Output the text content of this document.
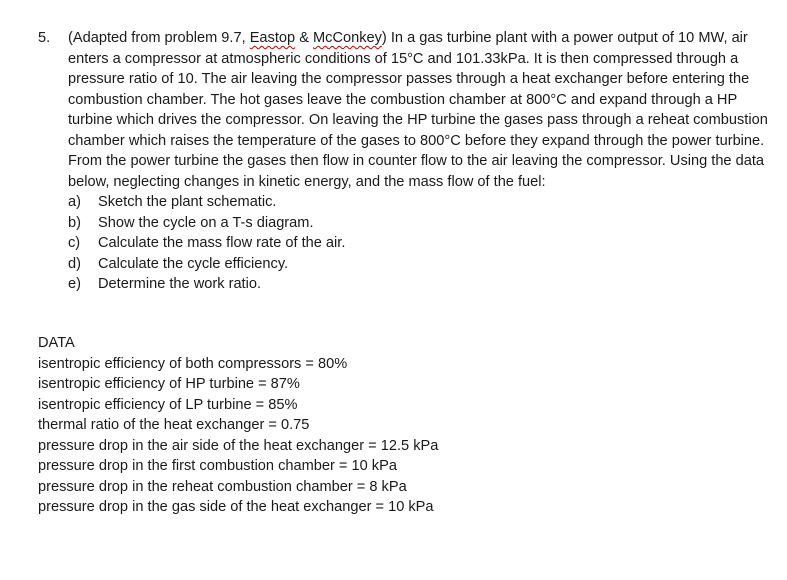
5. (Adapted from problem 9.7, Eastop & McConkey) In a gas turbine plant with a power output of 10 MW, air enters a compressor at atmospheric conditions of 15°C and 101.33kPa. It is then compressed through a pressure ratio of 10. The air leaving the compressor passes through a heat exchanger before entering the combustion chamber. The hot gases leave the combustion chamber at 800°C and expand through a HP turbine which drives the compressor. On leaving the HP turbine the gases pass through a reheat combustion chamber which raises the temperature of the gases to 800°C before they expand through the power turbine. From the power turbine the gases then flow in counter flow to the air leaving the compressor. Using the data below, neglecting changes in kinetic energy, and the mass flow of the fuel:

a)	Sketch the plant schematic.
b)	Show the cycle on a T-s diagram.
c)	Calculate the mass flow rate of the air.
d)	Calculate the cycle efficiency.
e)	Determine the work ratio.

DATA

isentropic efficiency of both compressors = 80%
isentropic efficiency of HP turbine = 87%
isentropic efficiency of LP turbine = 85%
thermal ratio of the heat exchanger = 0.75
pressure drop in the air side of the heat exchanger = 12.5 kPa
pressure drop in the first combustion chamber = 10 kPa
pressure drop in the reheat combustion chamber = 8 kPa
pressure drop in the gas side of the heat exchanger = 10 kPa
